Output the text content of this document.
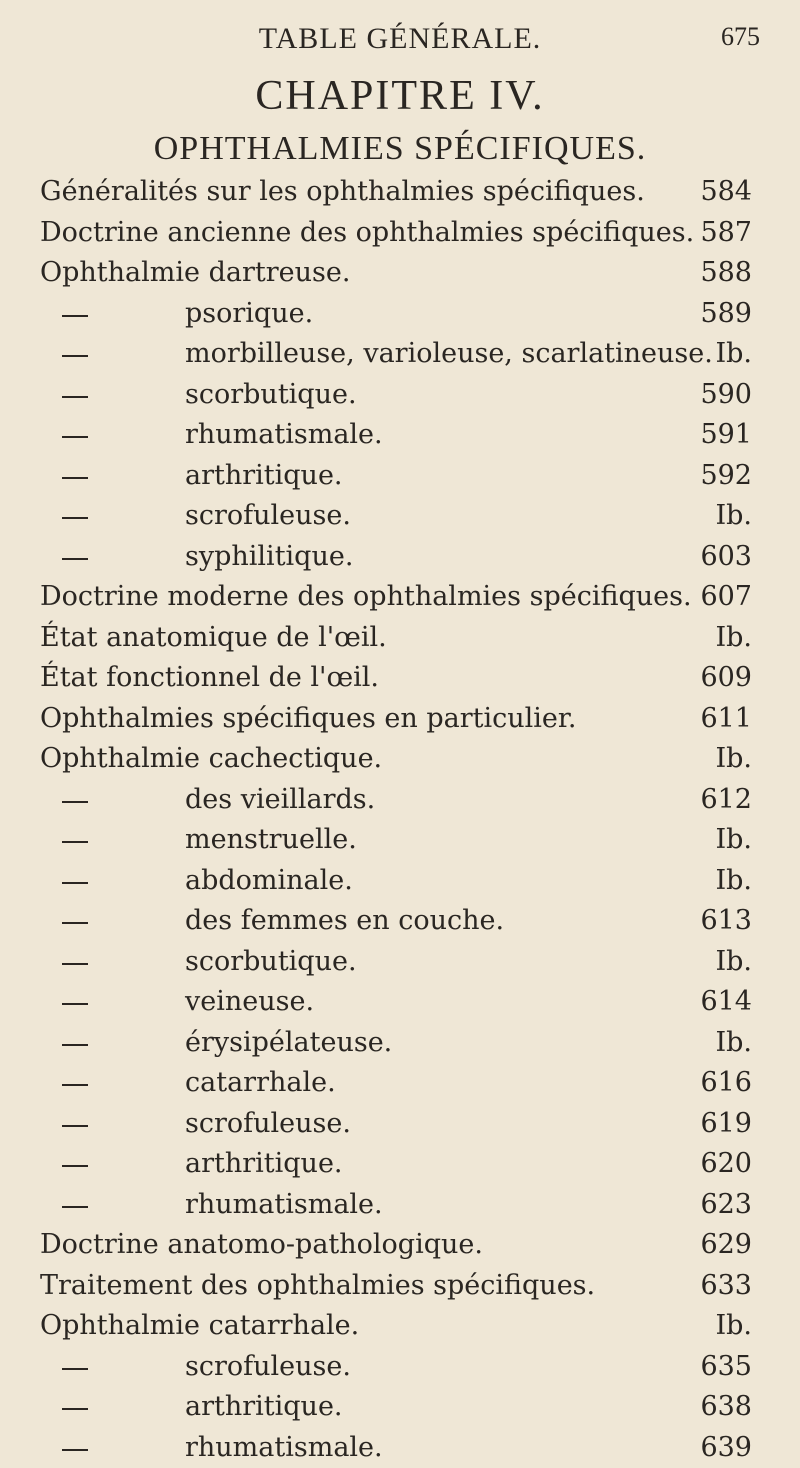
TABLE GÉNÉRALE.	675
CHAPITRE IV.
OPHTHALMIES SPÉCIFIQUES.
Généralités sur les ophthalmies spécifiques. 584
Doctrine ancienne des ophthalmies spécifiques. 587
Ophthalmie dartreuse.	588
psorique.	589
morbilleuse, varioleuse, scarlatineuse. Ib.
scorbutique.	590
rhumatismale.	591
arthritique.	592
scrofuleuse.	Ib.
syphilitique.	603
Doctrine moderne des ophthalmies spécifiques. 607
État anatomique de l'œil.	Ib.
État fonctionnel de l'œil.	609
Ophthalmies spécifiques en particulier.	611
Ophthalmie cachectique.	Ib.
des vieillards.	612
menstruelle.	Ib.
abdominale.	Ib.
des femmes en couche.	613
scorbutique.	Ib.
veineuse.	614
érysipélateuse.	Ib.
catarrhale.	616
scrofuleuse.	619
arthritique.	620
rhumatismale.	623
Doctrine anatomo-pathologique.	629
Traitement des ophthalmies spécifiques.	633
Ophthalmie catarrhale.	Ib.
scrofuleuse.	635
arthritique.	638
rhumatismale.	639
